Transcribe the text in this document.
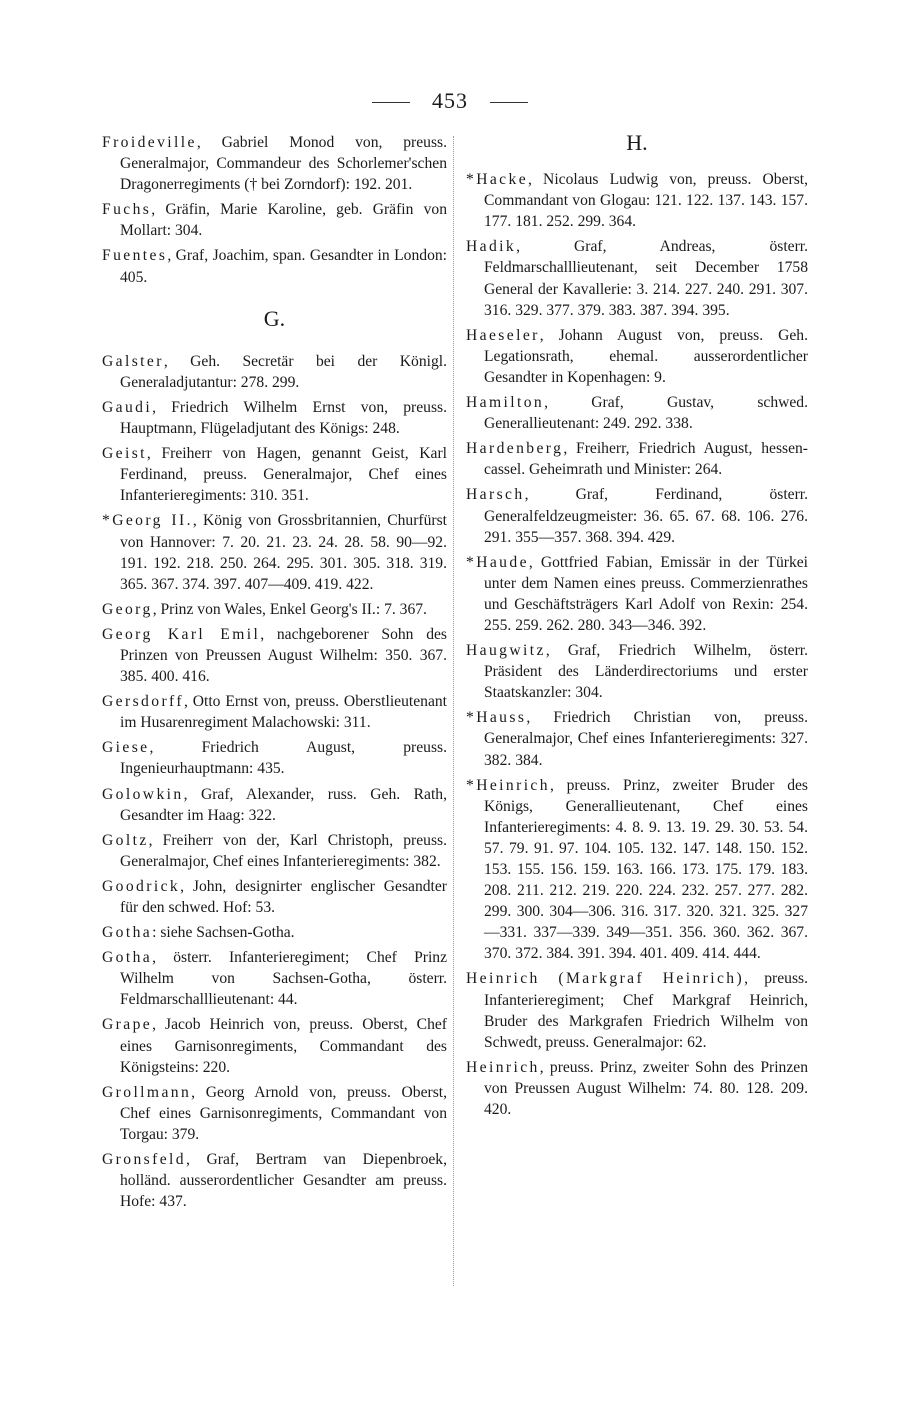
453

Froideville, Gabriel Monod von, preuss. Generalmajor, Commandeur des Schorlemer'schen Dragonerregiments († bei Zorndorf): 192. 201.

Fuchs, Gräfin, Marie Karoline, geb. Gräfin von Mollart: 304.

Fuentes, Graf, Joachim, span. Gesandter in London: 405.

G.

Galster, Geh. Secretär bei der Königl. Generaladjutantur: 278. 299.

Gaudi, Friedrich Wilhelm Ernst von, preuss. Hauptmann, Flügeladjutant des Königs: 248.

Geist, Freiherr von Hagen, genannt Geist, Karl Ferdinand, preuss. Generalmajor, Chef eines Infanterieregiments: 310. 351.

*Georg II., König von Grossbritannien, Churfürst von Hannover: 7. 20. 21. 23. 24. 28. 58. 90—92. 191. 192. 218. 250. 264. 295. 301. 305. 318. 319. 365. 367. 374. 397. 407—409. 419. 422.

Georg, Prinz von Wales, Enkel Georg's II.: 7. 367.

Georg Karl Emil, nachgeborener Sohn des Prinzen von Preussen August Wilhelm: 350. 367. 385. 400. 416.

Gersdorff, Otto Ernst von, preuss. Oberstlieutenant im Husarenregiment Malachowski: 311.

Giese, Friedrich August, preuss. Ingenieurhauptmann: 435.

Golowkin, Graf, Alexander, russ. Geh. Rath, Gesandter im Haag: 322.

Goltz, Freiherr von der, Karl Christoph, preuss. Generalmajor, Chef eines Infanterieregiments: 382.

Goodrick, John, designirter englischer Gesandter für den schwed. Hof: 53.

Gotha: siehe Sachsen-Gotha.

Gotha, österr. Infanterieregiment; Chef Prinz Wilhelm von Sachsen-Gotha, österr. Feldmarschalllieutenant: 44.

Grape, Jacob Heinrich von, preuss. Oberst, Chef eines Garnisonregiments, Commandant des Königsteins: 220.

Grollmann, Georg Arnold von, preuss. Oberst, Chef eines Garnisonregiments, Commandant von Torgau: 379.

Gronsfeld, Graf, Bertram van Diepenbroek, holländ. ausserordentlicher Gesandter am preuss. Hofe: 437.

H.

*Hacke, Nicolaus Ludwig von, preuss. Oberst, Commandant von Glogau: 121. 122. 137. 143. 157. 177. 181. 252. 299. 364.

Hadik, Graf, Andreas, österr. Feldmarschalllieutenant, seit December 1758 General der Kavallerie: 3. 214. 227. 240. 291. 307. 316. 329. 377. 379. 383. 387. 394. 395.

Haeseler, Johann August von, preuss. Geh. Legationsrath, ehemal. ausserordentlicher Gesandter in Kopenhagen: 9.

Hamilton, Graf, Gustav, schwed. Generallieutenant: 249. 292. 338.

Hardenberg, Freiherr, Friedrich August, hessen-cassel. Geheimrath und Minister: 264.

Harsch, Graf, Ferdinand, österr. Generalfeldzeugmeister: 36. 65. 67. 68. 106. 276. 291. 355—357. 368. 394. 429.

*Haude, Gottfried Fabian, Emissär in der Türkei unter dem Namen eines preuss. Commerzienrathes und Geschäftsträgers Karl Adolf von Rexin: 254. 255. 259. 262. 280. 343—346. 392.

Haugwitz, Graf, Friedrich Wilhelm, österr. Präsident des Länderdirectoriums und erster Staatskanzler: 304.

*Hauss, Friedrich Christian von, preuss. Generalmajor, Chef eines Infanterieregiments: 327. 382. 384.

*Heinrich, preuss. Prinz, zweiter Bruder des Königs, Generallieutenant, Chef eines Infanterieregiments: 4. 8. 9. 13. 19. 29. 30. 53. 54. 57. 79. 91. 97. 104. 105. 132. 147. 148. 150. 152. 153. 155. 156. 159. 163. 166. 173. 175. 179. 183. 208. 211. 212. 219. 220. 224. 232. 257. 277. 282. 299. 300. 304—306. 316. 317. 320. 321. 325. 327—331. 337—339. 349—351. 356. 360. 362. 367. 370. 372. 384. 391. 394. 401. 409. 414. 444.

Heinrich (Markgraf Heinrich), preuss. Infanterieregiment; Chef Markgraf Heinrich, Bruder des Markgrafen Friedrich Wilhelm von Schwedt, preuss. Generalmajor: 62.

Heinrich, preuss. Prinz, zweiter Sohn des Prinzen von Preussen August Wilhelm: 74. 80. 128. 209. 420.
